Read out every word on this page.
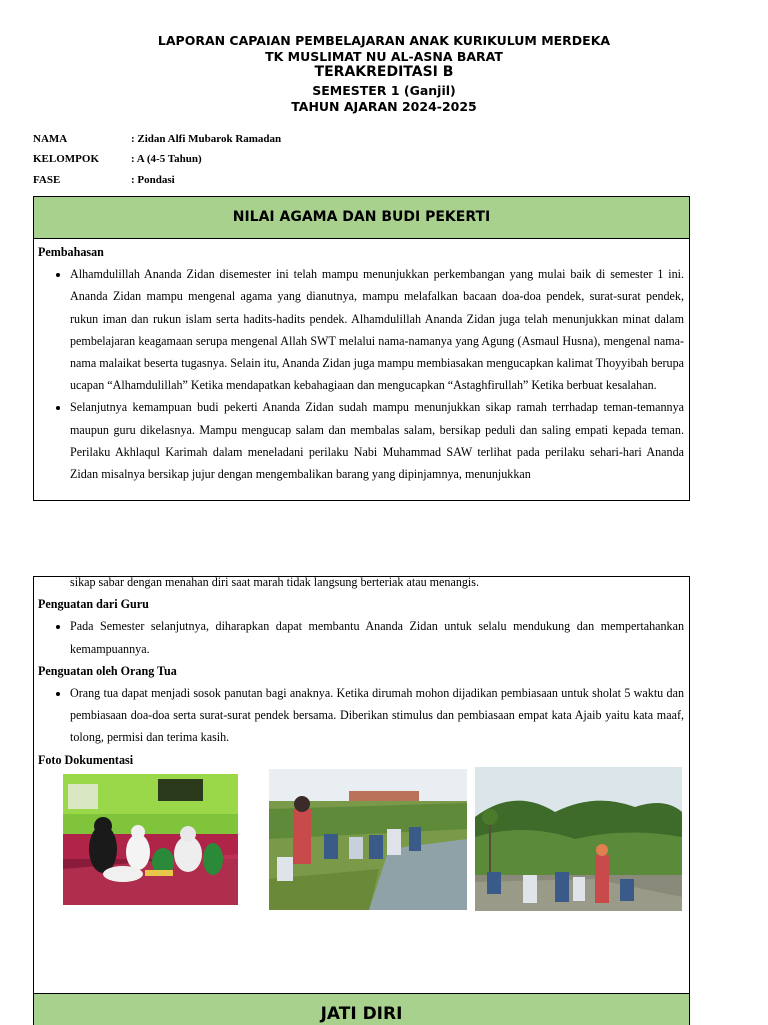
LAPORAN CAPAIAN PEMBELAJARAN ANAK KURIKULUM MERDEKA
TK MUSLIMAT NU AL-ASNA BARAT
TERAKREDITASI B
SEMESTER 1 (Ganjil)
TAHUN AJARAN 2024-2025
NAMA	: Zidan Alfi Mubarok Ramadan
KELOMPOK	: A (4-5 Tahun)
FASE	: Pondasi
NILAI AGAMA DAN BUDI PEKERTI

Pembahasan

• Alhamdulillah Ananda Zidan disemester ini telah mampu menunjukkan perkembangan yang mulai baik di semester 1 ini. Ananda Zidan mampu mengenal agama yang dianutnya, mampu melafalkan bacaan doa-doa pendek, surat-surat pendek, rukun iman dan rukun islam serta hadits-hadits pendek. Alhamdulillah Ananda Zidan juga telah menunjukkan minat dalam pembelajaran keagamaan serupa mengenal Allah SWT melalui nama-namanya yang Agung (Asmaul Husna), mengenal nama-nama malaikat beserta tugasnya. Selain itu, Ananda Zidan juga mampu membiasakan mengucapkan kalimat Thoyyibah berupa ucapan “Alhamdulillah” Ketika mendapatkan kebahagiaan dan mengucapkan “Astaghfirullah” Ketika berbuat kesalahan.
• Selanjutnya kemampuan budi pekerti Ananda Zidan sudah mampu menunjukkan sikap ramah terrhadap teman-temannya maupun guru dikelasnya. Mampu mengucap salam dan membalas salam, bersikap peduli dan saling empati kepada teman. Perilaku Akhlaqul Karimah dalam meneladani perilaku Nabi Muhammad SAW terlihat pada perilaku sehari-hari Ananda Zidan misalnya bersikap jujur dengan mengembalikan barang yang dipinjamnya, menunjukkan
sikap sabar dengan menahan diri saat marah tidak langsung berteriak atau menangis.

Penguatan dari Guru

• Pada Semester selanjutnya, diharapkan dapat membantu Ananda Zidan untuk selalu mendukung dan mempertahankan kemampuannya.

Penguatan oleh Orang Tua

• Orang tua dapat menjadi sosok panutan bagi anaknya. Ketika dirumah mohon dijadikan pembiasaan untuk sholat 5 waktu dan pembiasaan doa-doa serta surat-surat pendek bersama. Diberikan stimulus dan pembiasaan empat kata Ajaib yaitu kata maaf, tolong, permisi dan terima kasih.

Foto Dokumentasi

JATI DIRI
